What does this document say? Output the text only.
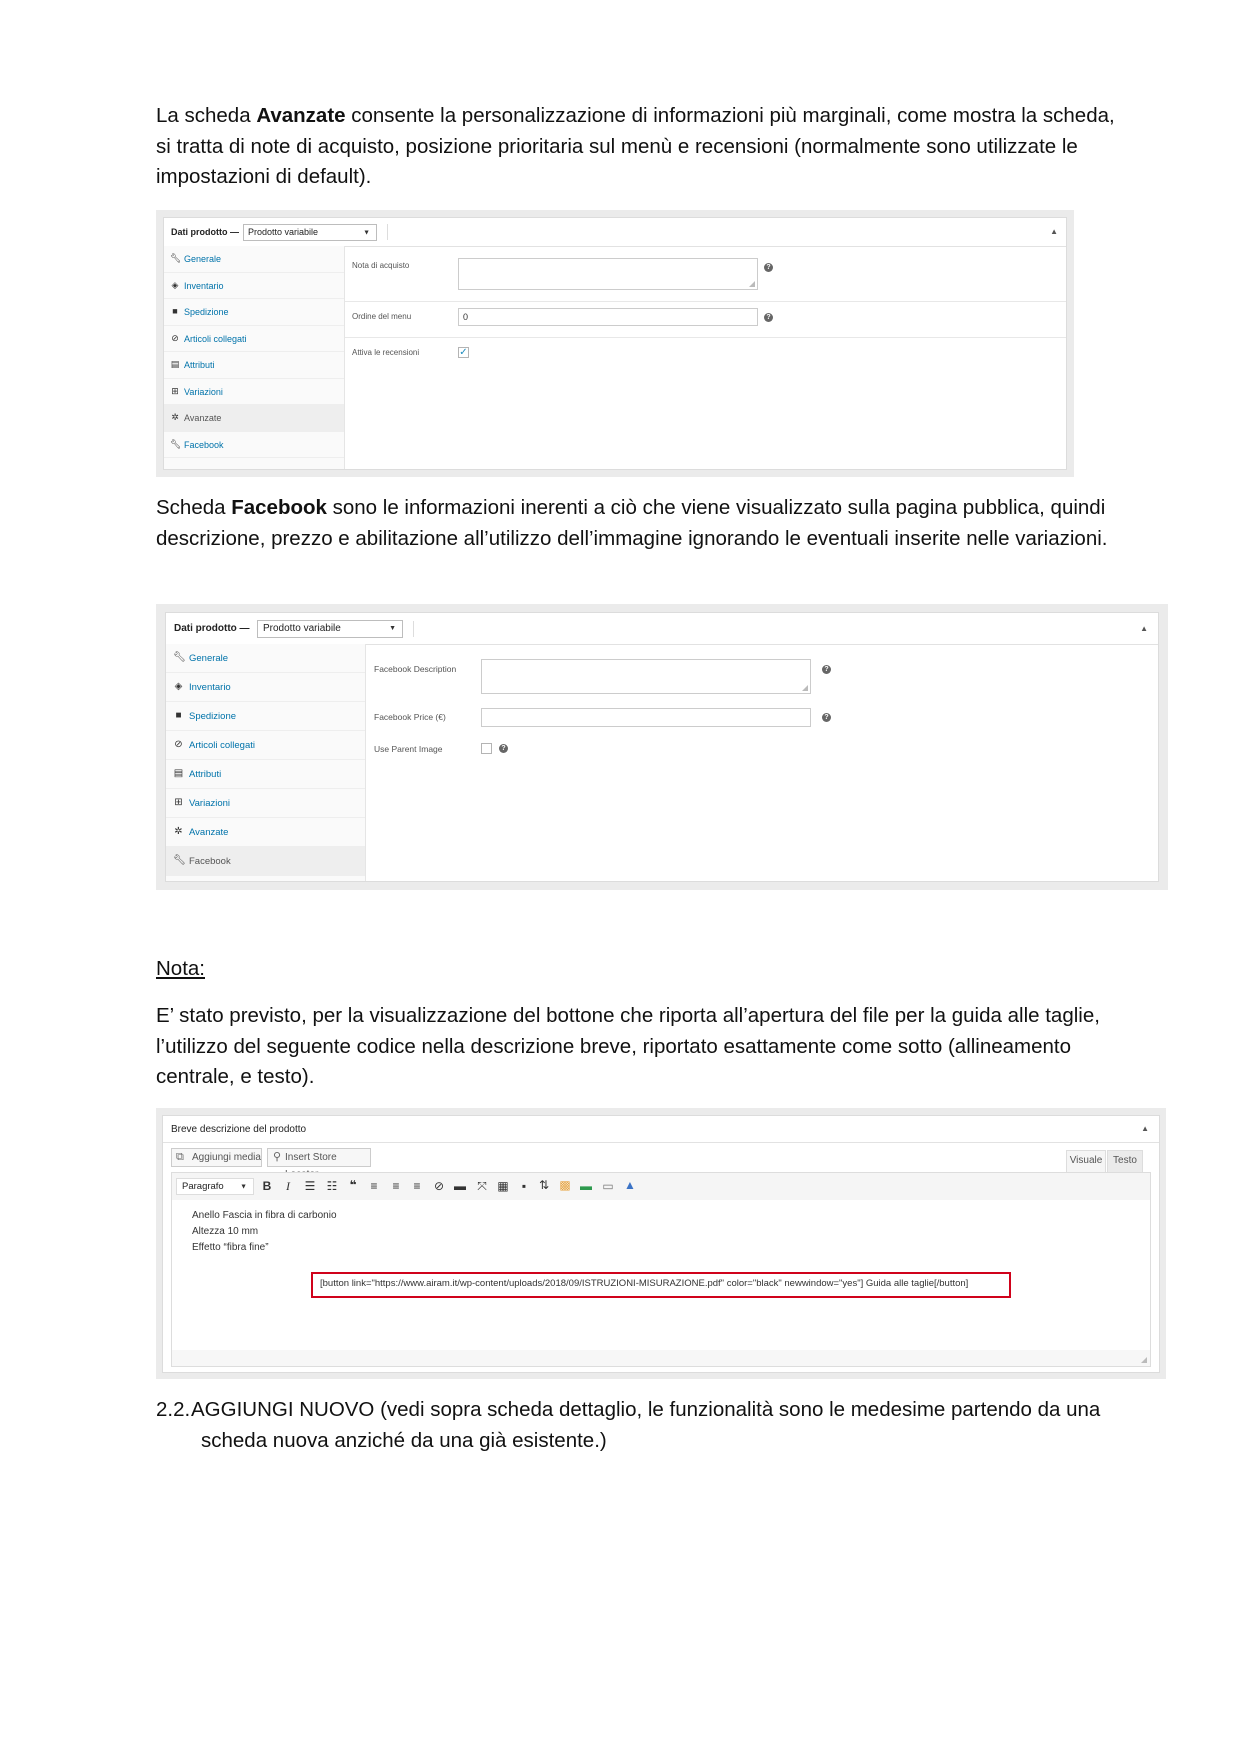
La scheda Avanzate consente la personalizzazione di informazioni più marginali, come mostra la scheda, si tratta di note di acquisto, posizione prioritaria sul menù e recensioni (normalmente sono utilizzate le impostazioni di default).
Dati prodotto —	Prodotto variabile	▼	▲
🔧︎ Generale
◈ Inventario
■ Spedizione
⊘ Articoli collegati
▤ Attributi
⊞ Variazioni
✲ Avanzate
🔧︎ Facebook
Nota di acquisto	?
Ordine del menu	0	?
Attiva le recensioni	✓
Scheda Facebook sono le informazioni inerenti a ciò che viene visualizzato sulla pagina pubblica, quindi descrizione, prezzo e abilitazione all’utilizzo dell’immagine ignorando le eventuali inserite nelle variazioni.
Dati prodotto —	Prodotto variabile	▼	▲
🔧︎ Generale
◈ Inventario
■ Spedizione
⊘ Articoli collegati
▤ Attributi
⊞ Variazioni
✲ Avanzate
🔧︎ Facebook
Facebook Description	?
Facebook Price (€)	?
Use Parent Image	?
Nota:
E’ stato previsto, per la visualizzazione del bottone che riporta all’apertura del file per la guida alle taglie, l’utilizzo del seguente codice nella descrizione breve, riportato esattamente come sotto (allineamento centrale, e testo).
Breve descrizione del prodotto	▲
⧉ Aggiungi media ⚲ Insert Store	Visuale	Testo
Paragrafo ▼	B	I	☰ ☷	❝	≡	≡	≡	⊘ ▬ ⤧ ▦	▪	⇅ ▩ ▬ ▭ ▲
Anello Fascia in fibra di carbonio
Altezza 10 mm
Effetto “fibra fine”
[button link="https://www.airam.it/wp-content/uploads/2018/09/ISTRUZIONI-MISURAZIONE.pdf" color="black" newwindow="yes"] Guida alle taglie[/button]
2.2. AGGIUNGI NUOVO (vedi sopra scheda dettaglio, le funzionalità sono le medesime partendo da una scheda nuova anziché da una già esistente.)
